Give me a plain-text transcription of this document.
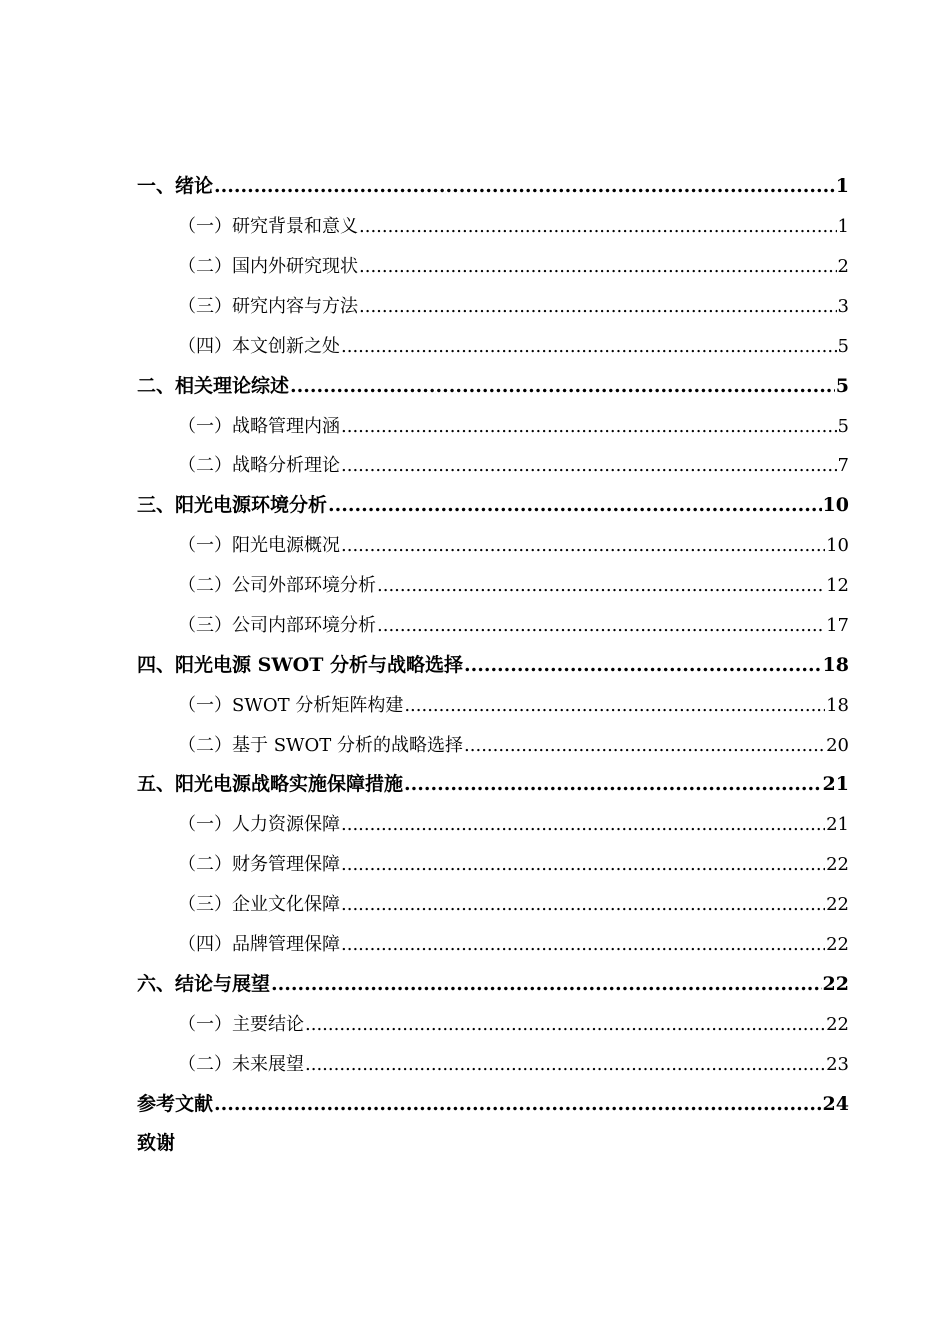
一、绪论 .....	1
（一）研究背景和意义 .....	1
（二）国内外研究现状 .....	2
（三）研究内容与方法 .....	3
（四）本文创新之处 .....	5
二、相关理论综述 .....	5
（一）战略管理内涵 .....	5
（二）战略分析理论 .....	7
三、阳光电源环境分析 .....	10
（一）阳光电源概况 .....	10
（二）公司外部环境分析 .....	12
（三）公司内部环境分析 .....	17
四、阳光电源 SWOT 分析与战略选择 .....	18
（一）SWOT 分析矩阵构建 .....	18
（二）基于 SWOT 分析的战略选择 .....	20
五、阳光电源战略实施保障措施 .....	21
（一）人力资源保障 .....	21
（二）财务管理保障 .....	22
（三）企业文化保障 .....	22
（四）品牌管理保障 .....	22
六、结论与展望 .....	22
（一）主要结论 .....	22
（二）未来展望 .....	23
参考文献 .....	24
致谢
